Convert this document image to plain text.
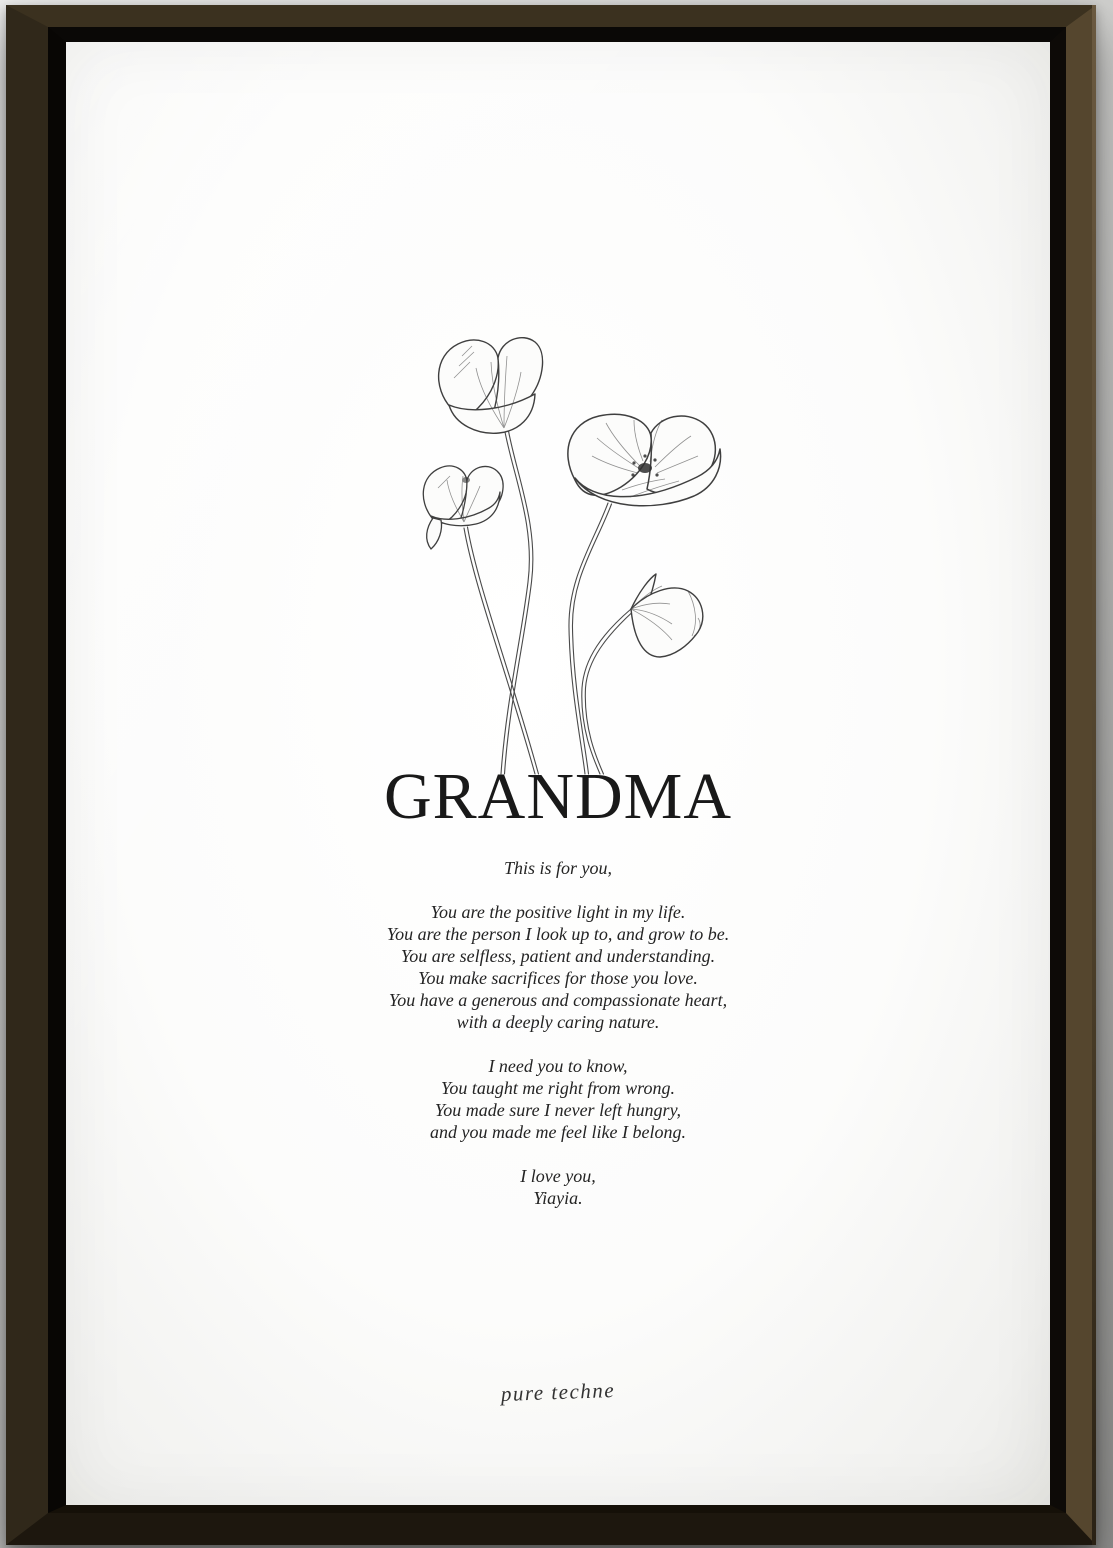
GRANDMA

This is for you,

You are the positive light in my life.

You are the person I look up to, and grow to be.

You are selfless, patient and understanding.

You make sacrifices for those you love.

You have a generous and compassionate heart,

with a deeply caring nature.

I need you to know,

You taught me right from wrong.

You made sure I never left hungry,

and you made me feel like I belong.

I love you,

Yiayia.

pure techne
